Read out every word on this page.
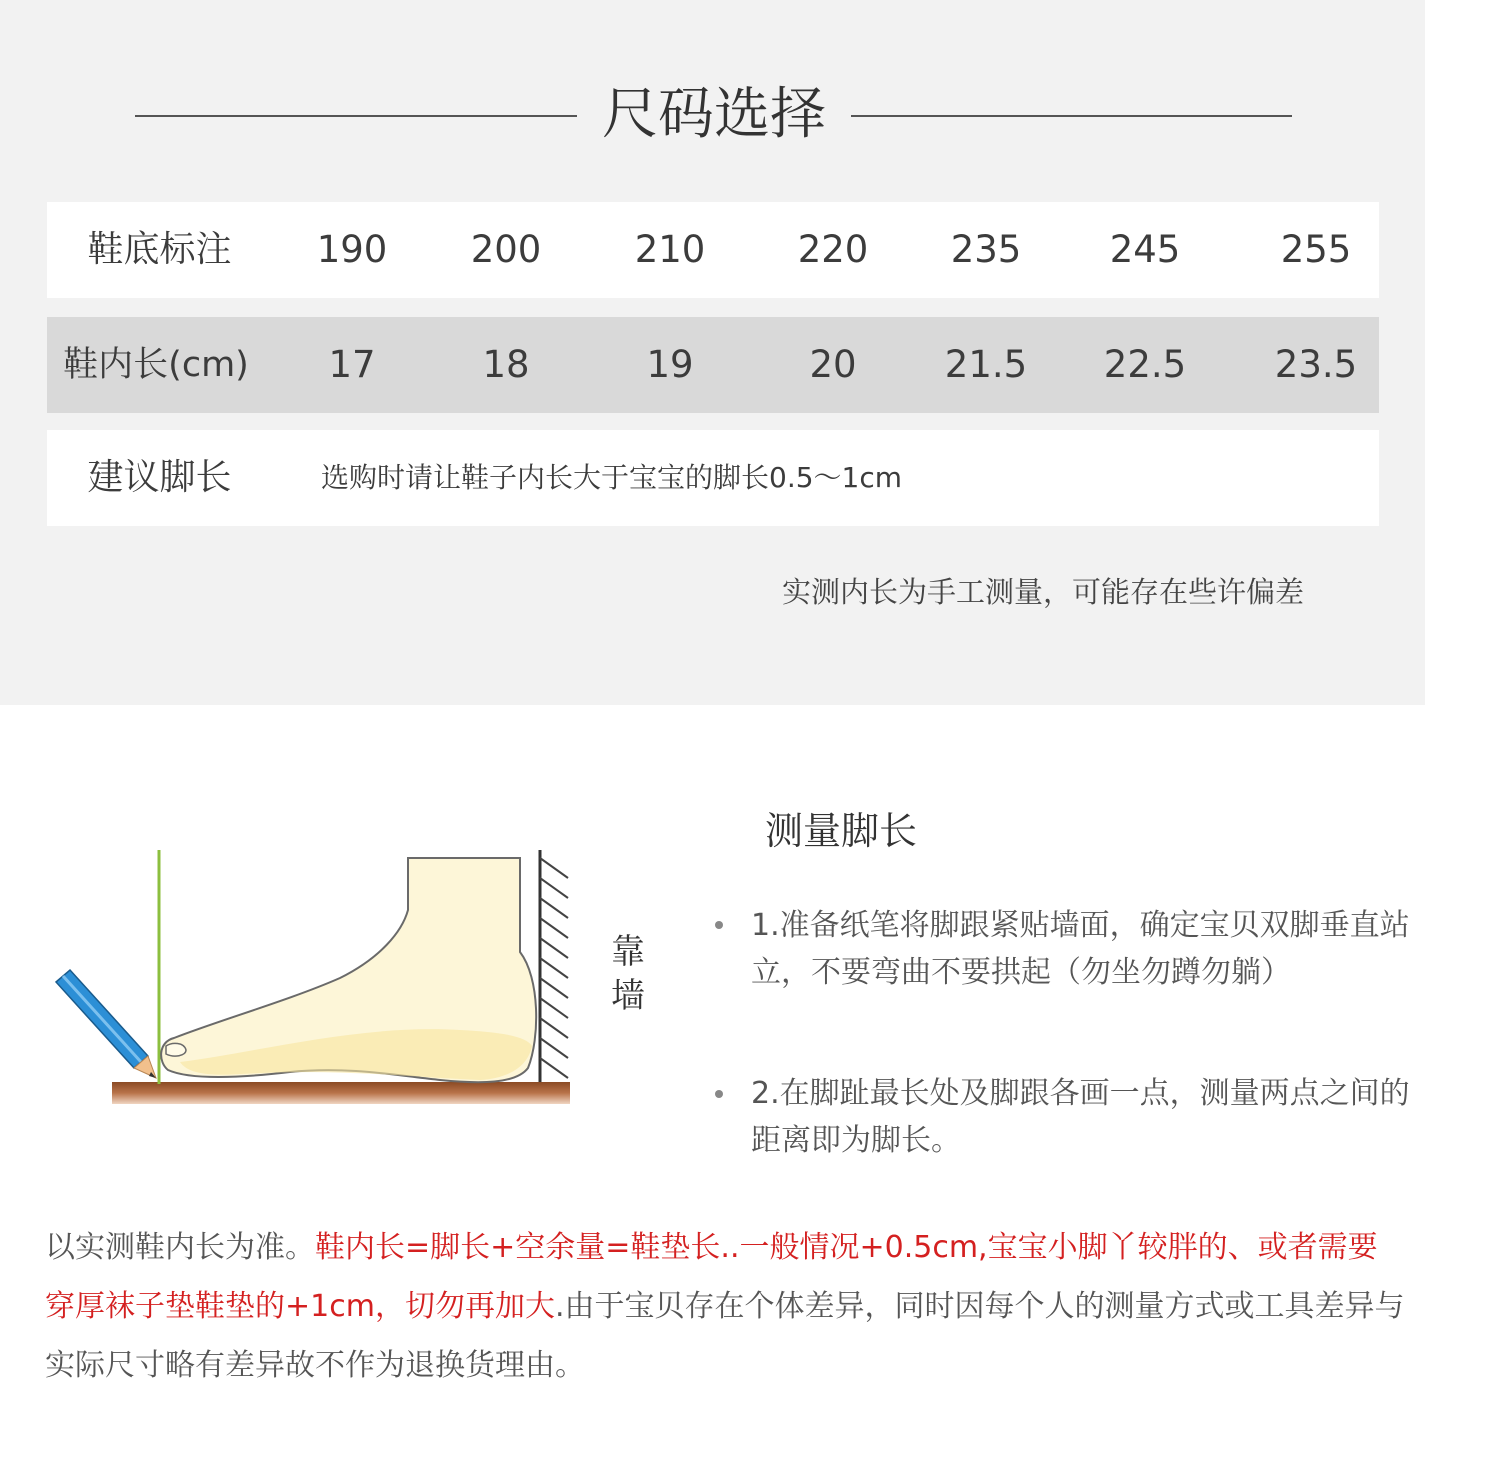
尺码选择
鞋底标注	190 200	210 220 235 245	255
鞋内长(cm)	17	18	19	20	21.5 22.5 23.5
建议脚长	选购时请让鞋子内长大于宝宝的脚长0.5～1cm
实测内长为手工测量，可能存在些许偏差
靠墙
测量脚长
1.准备纸笔将脚跟紧贴墙面，确定宝贝双脚垂直站立，不要弯曲不要拱起（勿坐勿蹲勿躺）
2.在脚趾最长处及脚跟各画一点，测量两点之间的距离即为脚长。
以实测鞋内长为准。鞋内长=脚长+空余量=鞋垫长..一般情况+0.5cm,宝宝小脚丫较胖的、或者需要穿厚袜子垫鞋垫的+1cm，切勿再加大.由于宝贝存在个体差异，同时因每个人的测量方式或工具差异与实际尺寸略有差异故不作为退换货理由。
